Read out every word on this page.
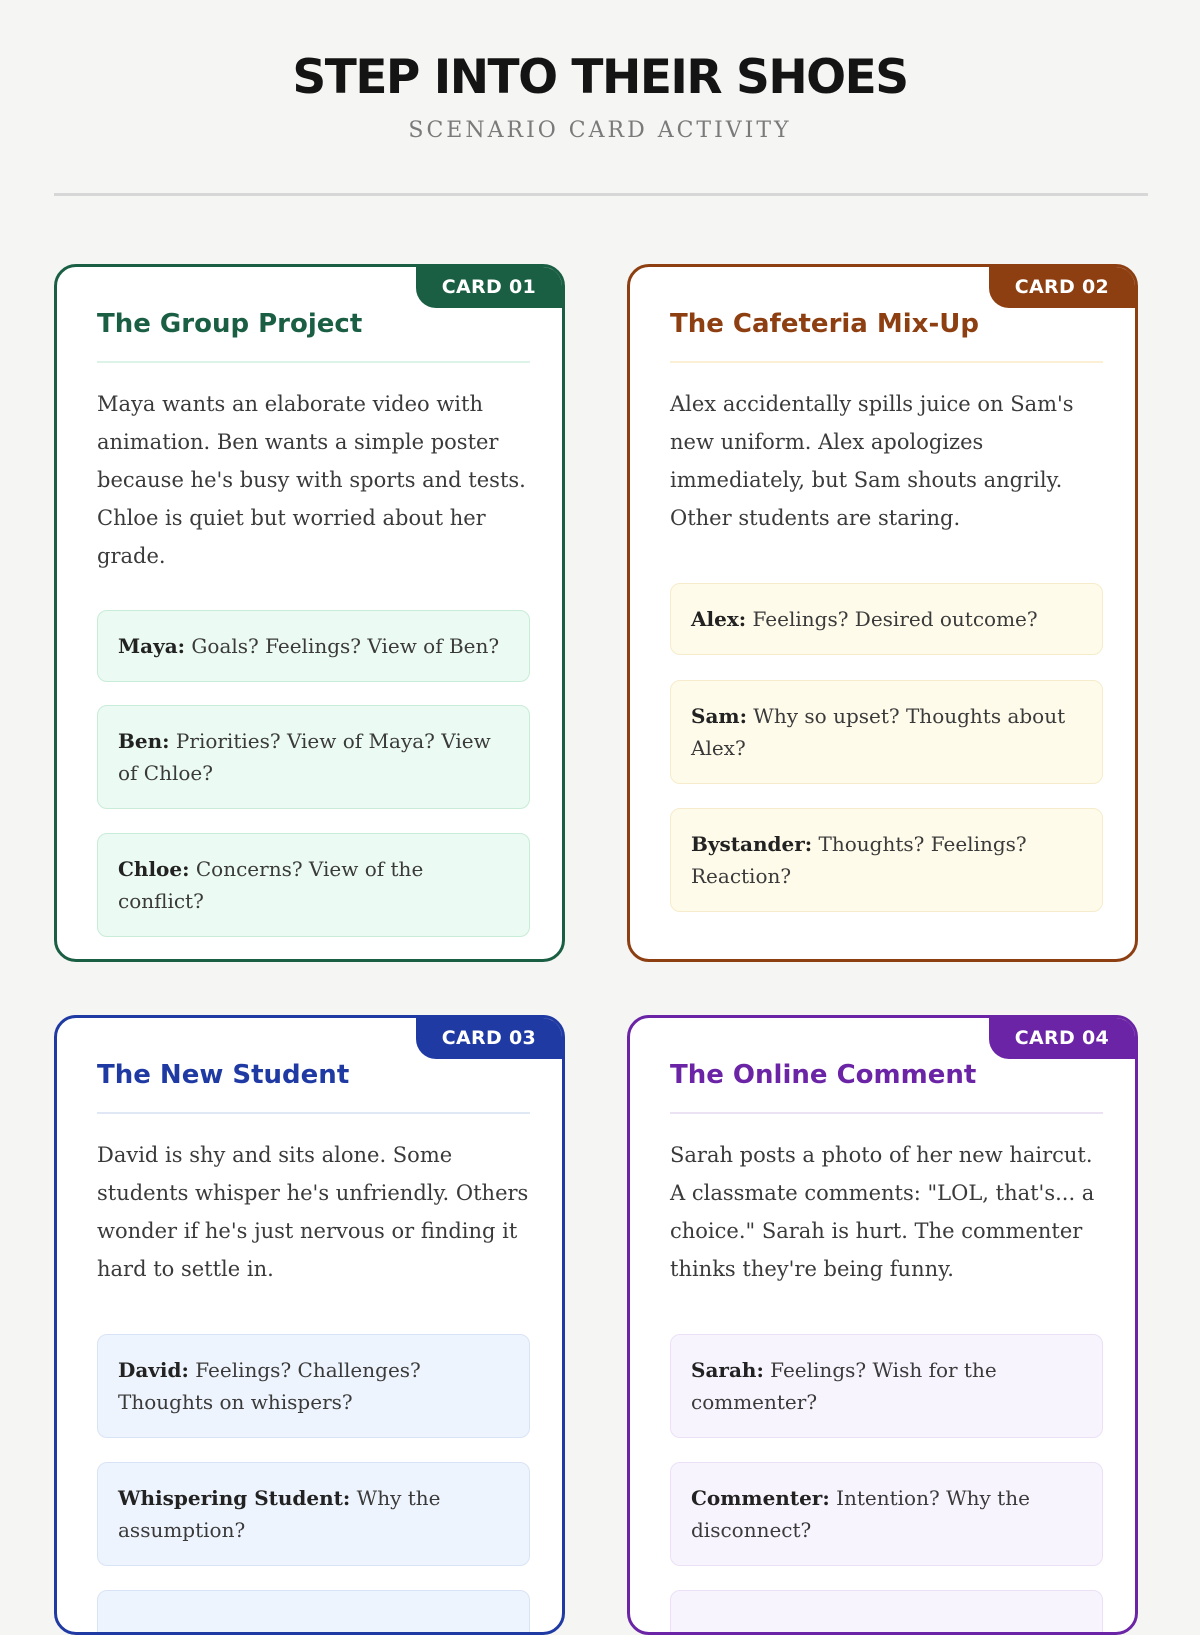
STEP INTO THEIR SHOES
SCENARIO CARD ACTIVITY
CARD 01
The Group Project

Maya wants an elaborate video with animation. Ben wants a simple poster because he's busy with sports and tests. Chloe is quiet but worried about her grade.

Maya: Goals? Feelings? View of Ben?
Ben: Priorities? View of Maya? View of Chloe?
Chloe: Concerns? View of the conflict?
CARD 02
The Cafeteria Mix-Up

Alex accidentally spills juice on Sam's new uniform. Alex apologizes immediately, but Sam shouts angrily. Other students are staring.

Alex: Feelings? Desired outcome?
Sam: Why so upset? Thoughts about Alex?
Bystander: Thoughts? Feelings? Reaction?
CARD 03
The New Student

David is shy and sits alone. Some students whisper he's unfriendly. Others wonder if he's just nervous or finding it hard to settle in.

David: Feelings? Challenges? Thoughts on whispers?
Whispering Student: Why the assumption?
CARD 04
The Online Comment

Sarah posts a photo of her new haircut. A classmate comments: "LOL, that's... a choice." Sarah is hurt. The commenter thinks they're being funny.

Sarah: Feelings? Wish for the commenter?
Commenter: Intention? Why the disconnect?
